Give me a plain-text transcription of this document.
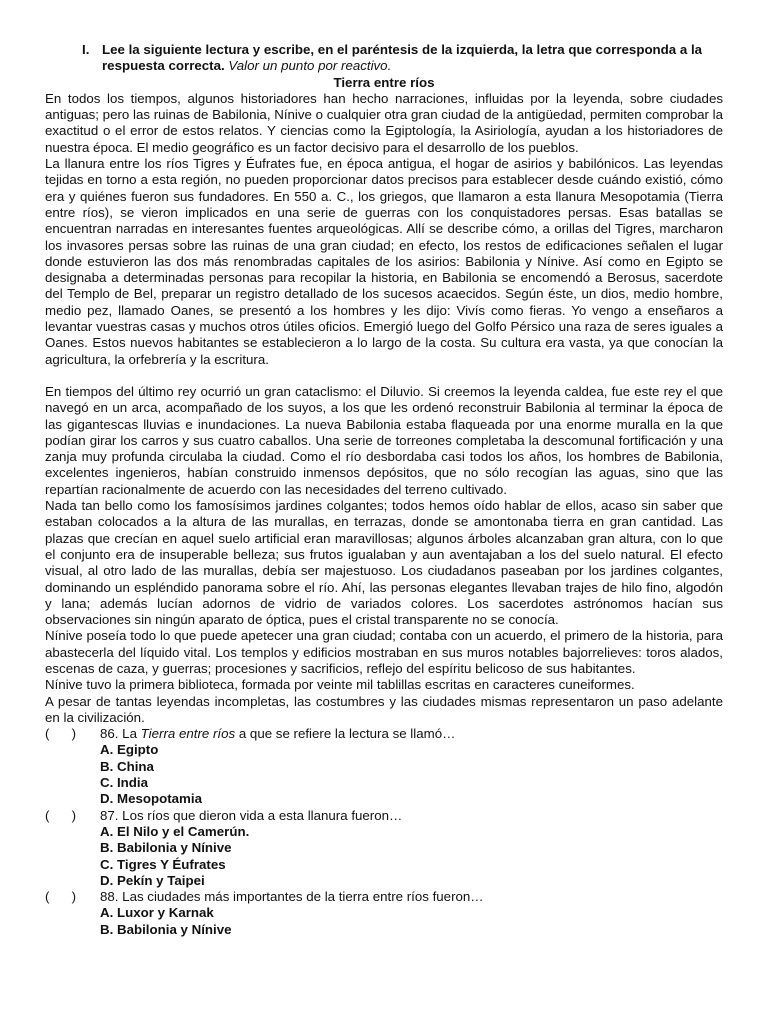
I. Lee la siguiente lectura y escribe, en el paréntesis de la izquierda, la letra que corresponda a la respuesta correcta. Valor un punto por reactivo.
Tierra entre ríos

En todos los tiempos, algunos historiadores han hecho narraciones, influidas por la leyenda, sobre ciudades antiguas; pero las ruinas de Babilonia, Nínive o cualquier otra gran ciudad de la antigüedad, permiten comprobar la exactitud o el error de estos relatos. Y ciencias como la Egiptología, la Asiriología, ayudan a los historiadores de nuestra época. El medio geográfico es un factor decisivo para el desarrollo de los pueblos.

La llanura entre los ríos Tigres y Éufrates fue, en época antigua, el hogar de asirios y babilónicos. Las leyendas tejidas en torno a esta región, no pueden proporcionar datos precisos para establecer desde cuándo existió, cómo era y quiénes fueron sus fundadores. En 550 a. C., los griegos, que llamaron a esta llanura Mesopotamia (Tierra entre ríos), se vieron implicados en una serie de guerras con los conquistadores persas. Esas batallas se encuentran narradas en interesantes fuentes arqueológicas. Allí se describe cómo, a orillas del Tigres, marcharon los invasores persas sobre las ruinas de una gran ciudad; en efecto, los restos de edificaciones señalen el lugar donde estuvieron las dos más renombradas capitales de los asirios: Babilonia y Nínive. Así como en Egipto se designaba a determinadas personas para recopilar la historia, en Babilonia se encomendó a Berosus, sacerdote del Templo de Bel, preparar un registro detallado de los sucesos acaecidos. Según éste, un dios, medio hombre, medio pez, llamado Oanes, se presentó a los hombres y les dijo: Vivís como fieras. Yo vengo a enseñaros a levantar vuestras casas y muchos otros útiles oficios. Emergió luego del Golfo Pérsico una raza de seres iguales a Oanes. Estos nuevos habitantes se establecieron a lo largo de la costa. Su cultura era vasta, ya que conocían la agricultura, la orfebrería y la escritura.

En tiempos del último rey ocurrió un gran cataclismo: el Diluvio. Si creemos la leyenda caldea, fue este rey el que navegó en un arca, acompañado de los suyos, a los que les ordenó reconstruir Babilonia al terminar la época de las gigantescas lluvias e inundaciones. La nueva Babilonia estaba flaqueada por una enorme muralla en la que podían girar los carros y sus cuatro caballos. Una serie de torreones completaba la descomunal fortificación y una zanja muy profunda circulaba la ciudad. Como el río desbordaba casi todos los años, los hombres de Babilonia, excelentes ingenieros, habían construido inmensos depósitos, que no sólo recogían las aguas, sino que las repartían racionalmente de acuerdo con las necesidades del terreno cultivado.

Nada tan bello como los famosísimos jardines colgantes; todos hemos oído hablar de ellos, acaso sin saber que estaban colocados a la altura de las murallas, en terrazas, donde se amontonaba tierra en gran cantidad. Las plazas que crecían en aquel suelo artificial eran maravillosas; algunos árboles alcanzaban gran altura, con lo que el conjunto era de insuperable belleza; sus frutos igualaban y aun aventajaban a los del suelo natural. El efecto visual, al otro lado de las murallas, debía ser majestuoso. Los ciudadanos paseaban por los jardines colgantes, dominando un espléndido panorama sobre el río. Ahí, las personas elegantes llevaban trajes de hilo fino, algodón y lana; además lucían adornos de vidrio de variados colores. Los sacerdotes astrónomos hacían sus observaciones sin ningún aparato de óptica, pues el cristal transparente no se conocía.

Nínive poseía todo lo que puede apetecer una gran ciudad; contaba con un acuerdo, el primero de la historia, para abastecerla del líquido vital. Los templos y edificios mostraban en sus muros notables bajorrelieves: toros alados, escenas de caza, y guerras; procesiones y sacrificios, reflejo del espíritu belicoso de sus habitantes.

Nínive tuvo la primera biblioteca, formada por veinte mil tablillas escritas en caracteres cuneiformes.

A pesar de tantas leyendas incompletas, las costumbres y las ciudades mismas representaron un paso adelante en la civilización.

(      )	86. La Tierra entre ríos a que se refiere la lectura se llamó…
A. Egipto
B. China
C. India
D. Mesopotamia
(      )	87. Los ríos que dieron vida a esta llanura fueron…
A. El Nilo y el Camerún.
B. Babilonia y Nínive
C. Tigres Y Éufrates
D. Pekín y Taipei
(      )	88. Las ciudades más importantes de la tierra entre ríos fueron…
A. Luxor y Karnak
B. Babilonia y Nínive
